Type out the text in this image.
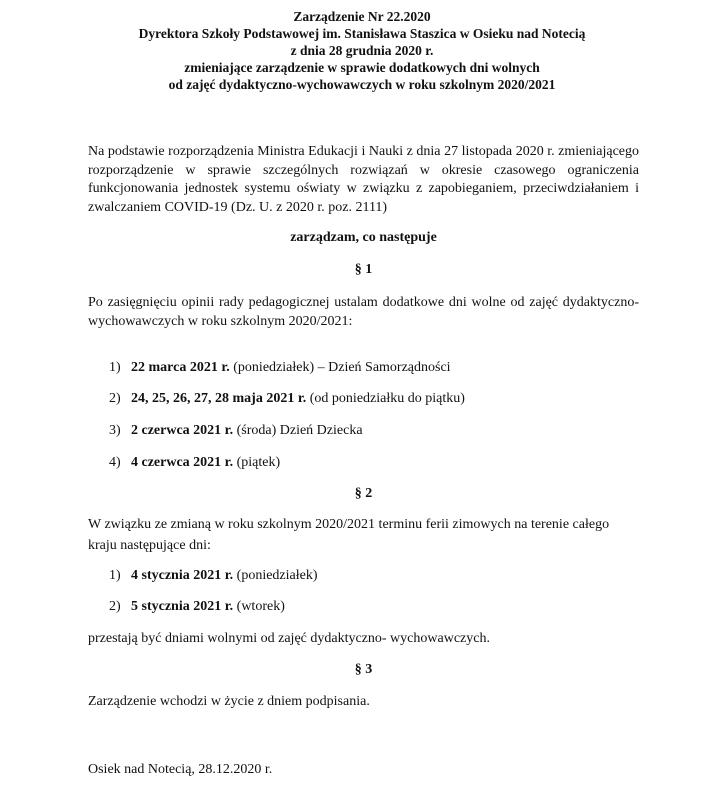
Zarządzenie Nr 22.2020
Dyrektora Szkoły Podstawowej im. Stanisława Staszica w Osieku nad Notecią
z dnia 28 grudnia 2020 r.
zmieniające zarządzenie w sprawie dodatkowych dni wolnych
od zajęć dydaktyczno-wychowawczych w roku szkolnym 2020/2021
Na podstawie rozporządzenia Ministra Edukacji i Nauki z dnia 27 listopada 2020 r. zmieniającego rozporządzenie w sprawie szczególnych rozwiązań w okresie czasowego ograniczenia funkcjonowania jednostek systemu oświaty w związku z zapobieganiem, przeciwdziałaniem i zwalczaniem COVID-19 (Dz. U. z 2020 r. poz. 2111)
zarządzam, co następuje
§ 1
Po zasięgnięciu opinii rady pedagogicznej ustalam dodatkowe dni wolne od zajęć dydaktyczno-wychowawczych w roku szkolnym 2020/2021:
1) 22 marca 2021 r. (poniedziałek) – Dzień Samorządności
2) 24, 25, 26, 27, 28 maja 2021 r. (od poniedziałku do piątku)
3) 2 czerwca 2021 r. (środa) Dzień Dziecka
4) 4 czerwca 2021 r. (piątek)
§ 2
W związku ze zmianą w roku szkolnym 2020/2021 terminu ferii zimowych na terenie całego
kraju następujące dni:
1) 4 stycznia 2021 r. (poniedziałek)
2) 5 stycznia 2021 r. (wtorek)
przestają być dniami wolnymi od zajęć dydaktyczno- wychowawczych.
§ 3
Zarządzenie wchodzi w życie z dniem podpisania.
Osiek nad Notecią, 28.12.2020 r.
